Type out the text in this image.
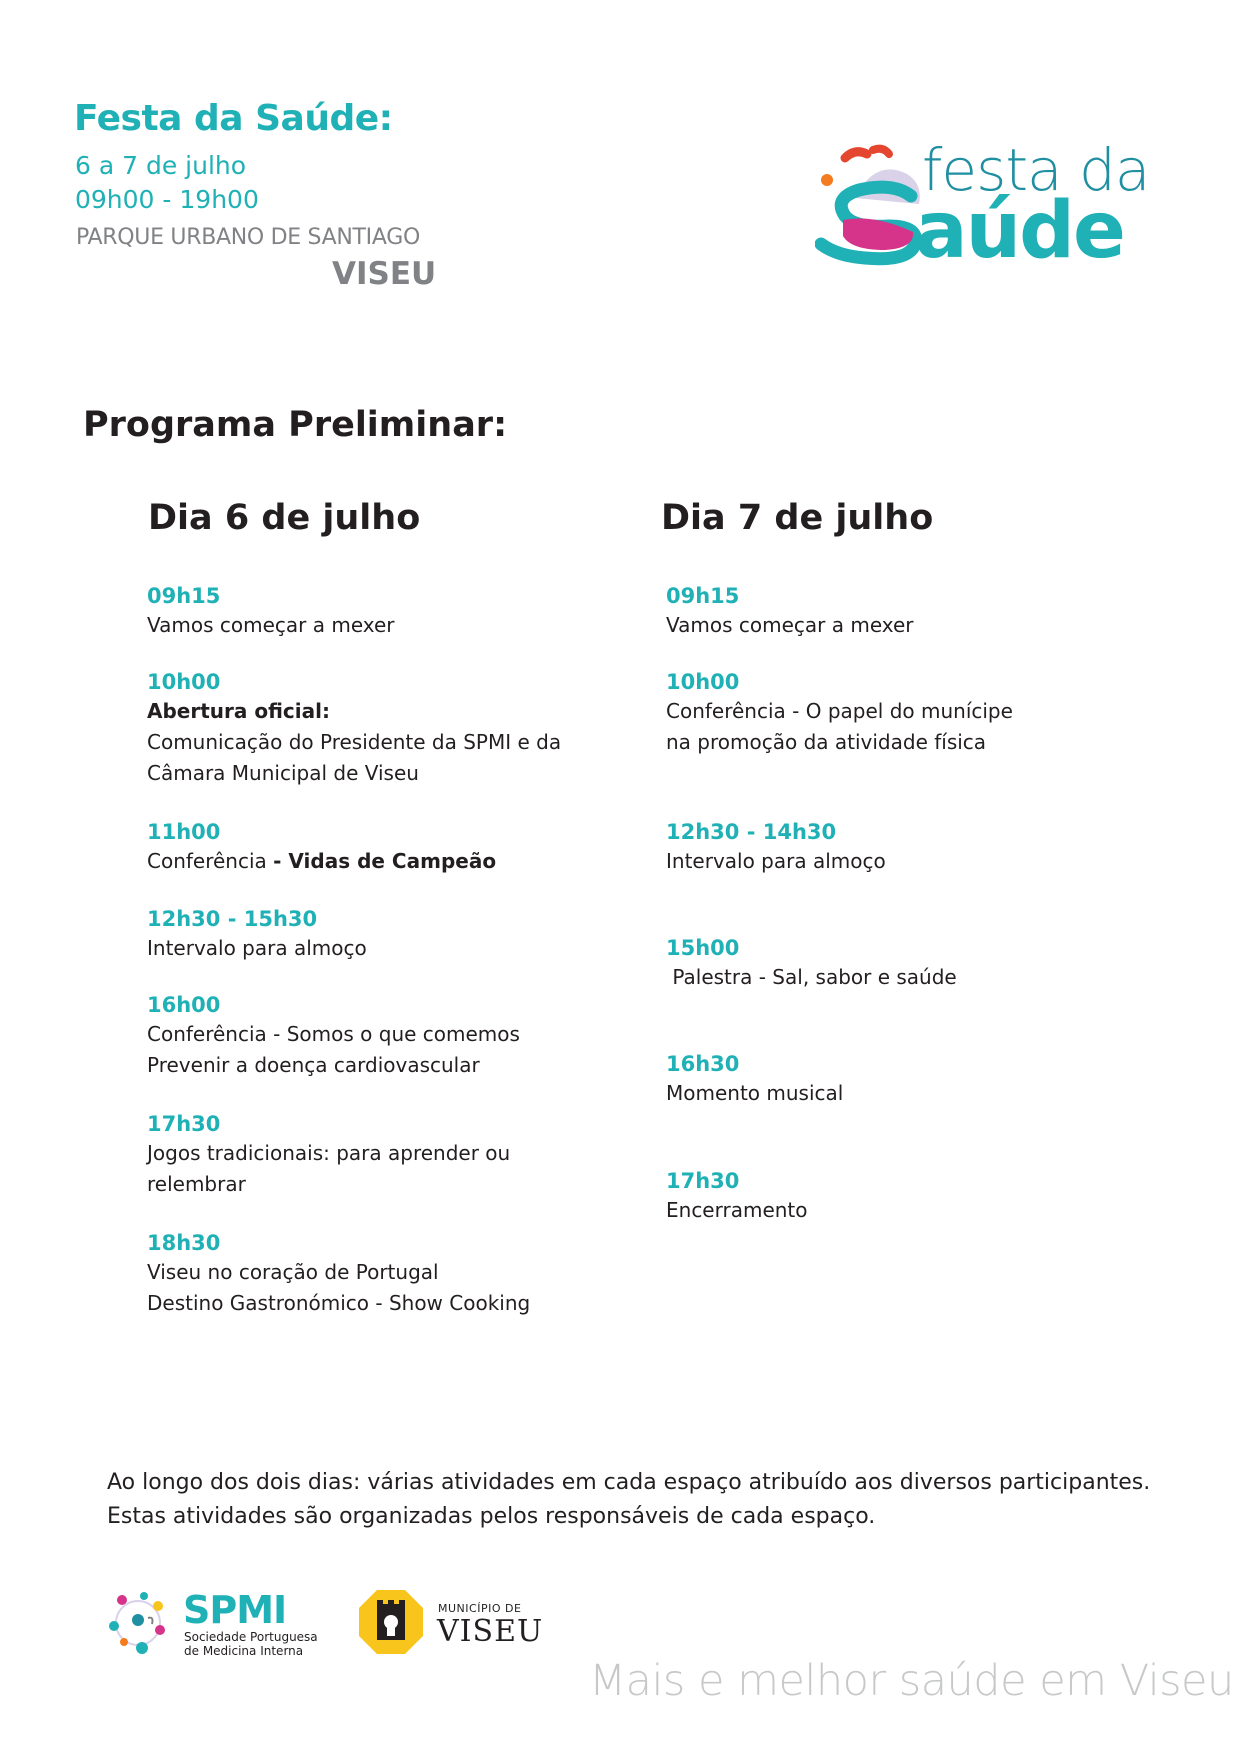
Festa da Saúde:
6 a 7 de julho
09h00 - 19h00
PARQUE URBANO DE SANTIAGO
VISEU
S festa da
aúde
Programa Preliminar:
Dia 6 de julho	Dia 7 de julho
09h15
Vamos começar a mexer
10h00
Abertura oficial:
Comunicação do Presidente da SPMI e da
Câmara Municipal de Viseu
11h00
Conferência - Vidas de Campeão
12h30 - 15h30
Intervalo para almoço
16h00
Conferência - Somos o que comemos
Prevenir a doença cardiovascular
17h30
Jogos tradicionais: para aprender ou
relembrar
18h30
Viseu no coração de Portugal
Destino Gastronómico - Show Cooking
09h15
Vamos começar a mexer
10h00
Conferência - O papel do munícipe
na promoção da atividade física
12h30 - 14h30
Intervalo para almoço
15h00
Palestra - Sal, sabor e saúde
16h30
Momento musical
17h30
Encerramento
Ao longo dos dois dias: várias atividades em cada espaço atribuído aos diversos participantes.
Estas atividades são organizadas pelos responsáveis de cada espaço.
SPMI
Sociedade Portuguesa
de Medicina Interna
MUNICÍPIO DE
VISEU
Mais e melhor saúde em Viseu
